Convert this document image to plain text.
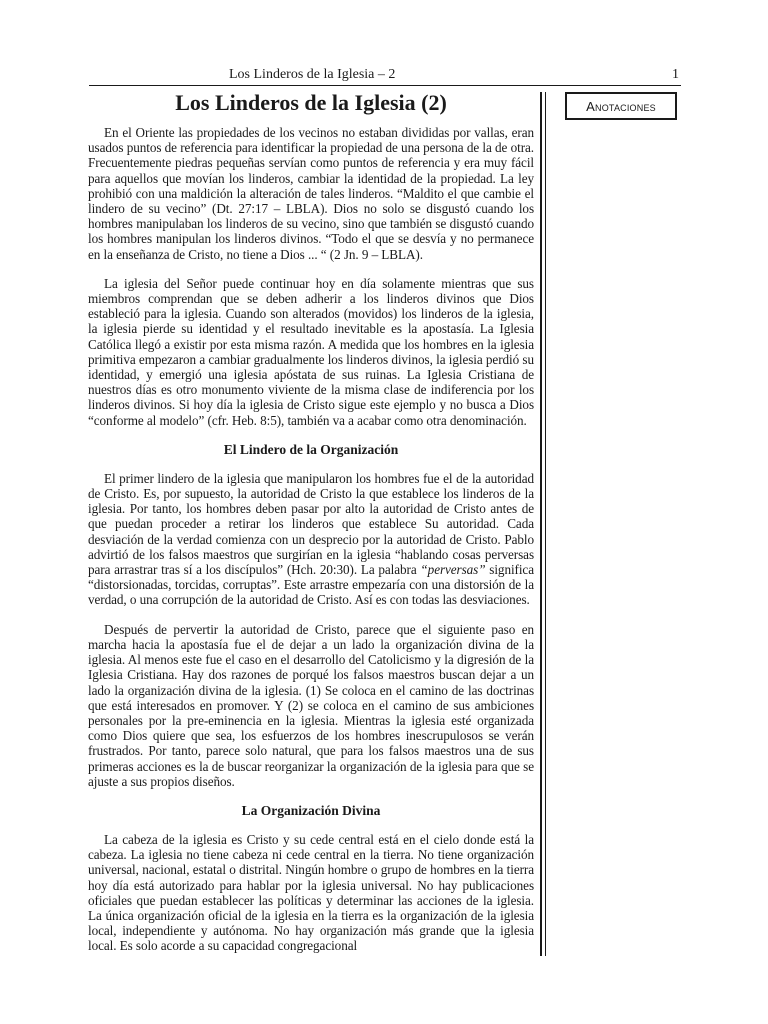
Los Linderos de la Iglesia – 2	1
Los Linderos de la Iglesia (2)

En el Oriente las propiedades de los vecinos no estaban divididas por vallas, eran usados puntos de referencia para identificar la propiedad de una persona de la de otra. Frecuentemente piedras pequeñas servían como puntos de referencia y era muy fácil para aquellos que movían los linderos, cambiar la identidad de la propiedad. La ley prohibió con una maldición la alteración de tales linderos. “Maldito el que cambie el lindero de su vecino” (Dt. 27:17 – LBLA). Dios no solo se disgustó cuando los hombres manipulaban los linderos de su vecino, sino que también se disgustó cuando los hombres manipulan los linderos divinos. “Todo el que se desvía y no permanece en la enseñanza de Cristo, no tiene a Dios ... “ (2 Jn. 9 – LBLA).

La iglesia del Señor puede continuar hoy en día solamente mientras que sus miembros comprendan que se deben adherir a los linderos divinos que Dios estableció para la iglesia. Cuando son alterados (movidos) los linderos de la iglesia, la iglesia pierde su identidad y el resultado inevitable es la apostasía. La Iglesia Católica llegó a existir por esta misma razón. A medida que los hombres en la iglesia primitiva empezaron a cambiar gradualmente los linderos divinos, la iglesia perdió su identidad, y emergió una iglesia apóstata de sus ruinas. La Iglesia Cristiana de nuestros días es otro monumento viviente de la misma clase de indiferencia por los linderos divinos. Si hoy día la iglesia de Cristo sigue este ejemplo y no busca a Dios “conforme al modelo” (cfr. Heb. 8:5), también va a acabar como otra denominación.

El Lindero de la Organización

El primer lindero de la iglesia que manipularon los hombres fue el de la autoridad de Cristo. Es, por supuesto, la autoridad de Cristo la que establece los linderos de la iglesia. Por tanto, los hombres deben pasar por alto la autoridad de Cristo antes de que puedan proceder a retirar los linderos que establece Su autoridad. Cada desviación de la verdad comienza con un desprecio por la autoridad de Cristo. Pablo advirtió de los falsos maestros que surgirían en la iglesia “hablando cosas perversas para arrastrar tras sí a los discípulos” (Hch. 20:30). La palabra “perversas” significa “distorsionadas, torcidas, corruptas”. Este arrastre empezaría con una distorsión de la verdad, o una corrupción de la autoridad de Cristo. Así es con todas las desviaciones.

Después de pervertir la autoridad de Cristo, parece que el siguiente paso en marcha hacia la apostasía fue el de dejar a un lado la organización divina de la iglesia. Al menos este fue el caso en el desarrollo del Catolicismo y la digresión de la Iglesia Cristiana. Hay dos razones de porqué los falsos maestros buscan dejar a un lado la organización divina de la iglesia. (1) Se coloca en el camino de las doctrinas que está interesados en promover. Y (2) se coloca en el camino de sus ambiciones personales por la pre-eminencia en la iglesia. Mientras la iglesia esté organizada como Dios quiere que sea, los esfuerzos de los hombres inescrupulosos se verán frustrados. Por tanto, parece solo natural, que para los falsos maestros una de sus primeras acciones es la de buscar reorganizar la organización de la iglesia para que se ajuste a sus propios diseños.

La Organización Divina

La cabeza de la iglesia es Cristo y su cede central está en el cielo donde está la cabeza. La iglesia no tiene cabeza ni cede central en la tierra. No tiene organización universal, nacional, estatal o distrital. Ningún hombre o grupo de hombres en la tierra hoy día está autorizado para hablar por la iglesia universal. No hay publicaciones oficiales que puedan establecer las políticas y determinar las acciones de la iglesia. La única organización oficial de la iglesia en la tierra es la organización de la iglesia local, independiente y autónoma. No hay organización más grande que la iglesia local. Es solo acorde a su capacidad congregacional

Anotaciones
